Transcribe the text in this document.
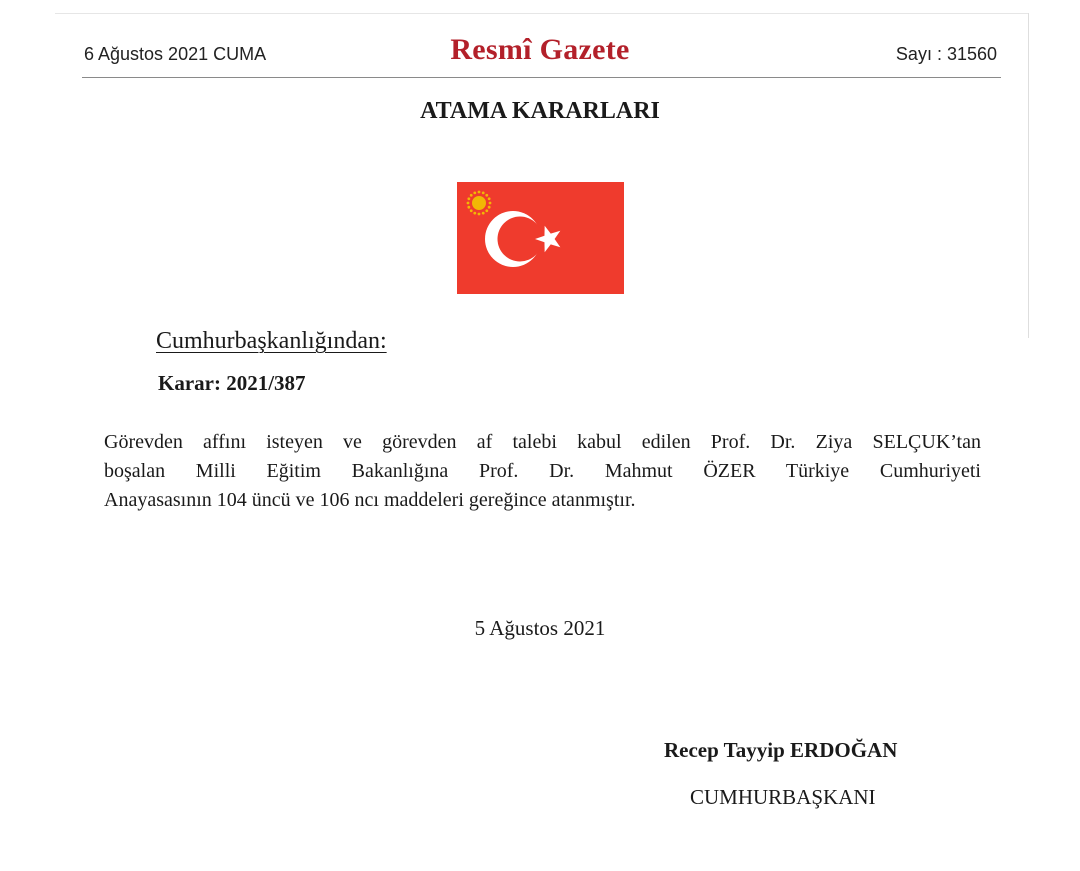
6 Ağustos 2021 CUMA	Resmî Gazete	Sayı : 31560
ATAMA KARARLARI
Cumhurbaşkanlığından:
Karar: 2021/387
Görevden affını isteyen ve görevden af talebi kabul edilen Prof. Dr. Ziya SELÇUK’tan
boşalan Milli Eğitim Bakanlığına Prof. Dr. Mahmut ÖZER Türkiye Cumhuriyeti
Anayasasının 104 üncü ve 106 ncı maddeleri gereğince atanmıştır.
5 Ağustos 2021
Recep Tayyip ERDOĞAN
CUMHURBAŞKANI
